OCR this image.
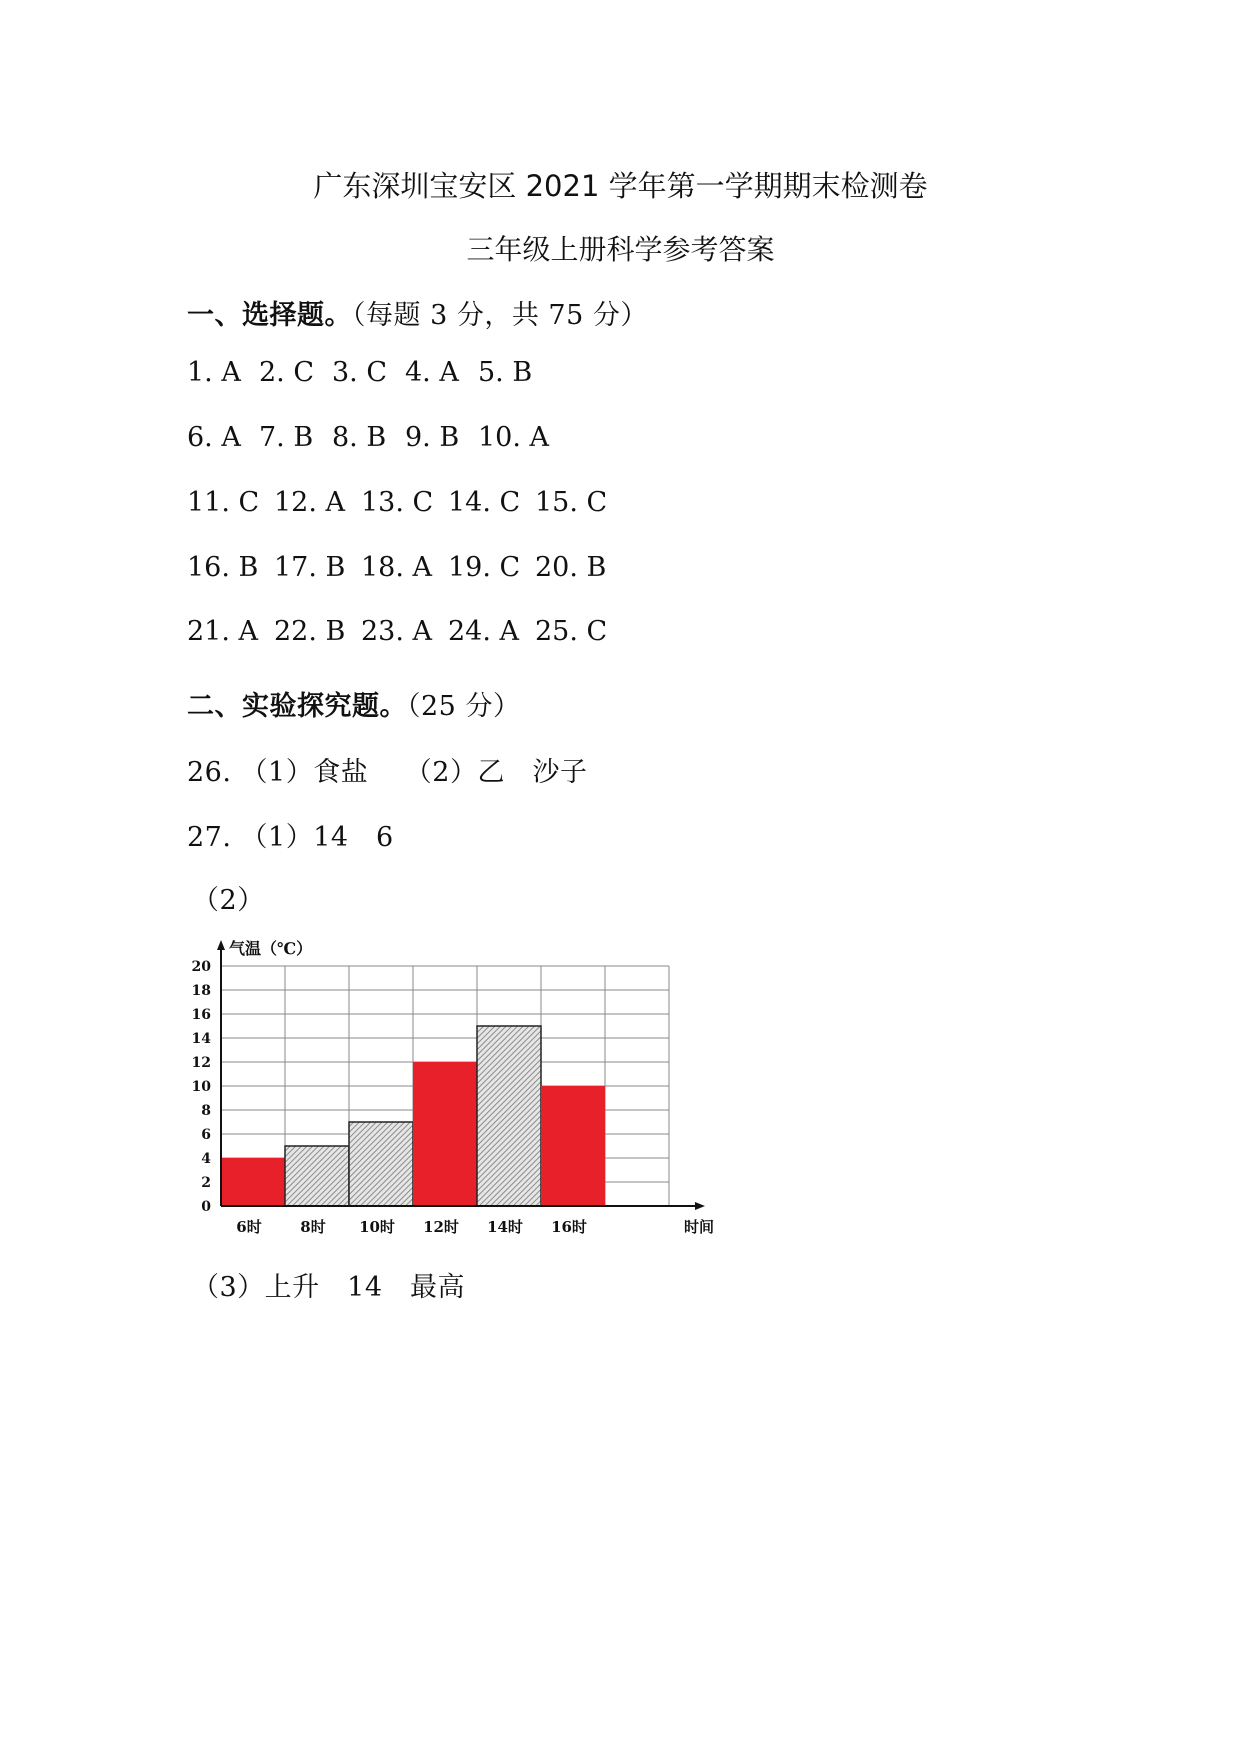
广东深圳宝安区 2021 学年第一学期期末检测卷
三年级上册科学参考答案
一、选择题。（每题 3 分，共 75 分）
1. A 2. C 3. C 4. A 5. B
6. A 7. B 8. B 9. B 10. A
11. C 12. A 13. C 14. C 15. C
16. B 17. B 18. A 19. C 20. B
21. A 22. B 23. A 24. A 25. C
二、实验探究题。（25 分）
26. （1）食盐　 （2）乙　沙子
27. （1）14　6
（2）
0
2
4
6
8
10
12
14
16
18
20
气温（℃）
6时	8时 10时 12时 14时 16时	时间
（3）上升　14　最高
